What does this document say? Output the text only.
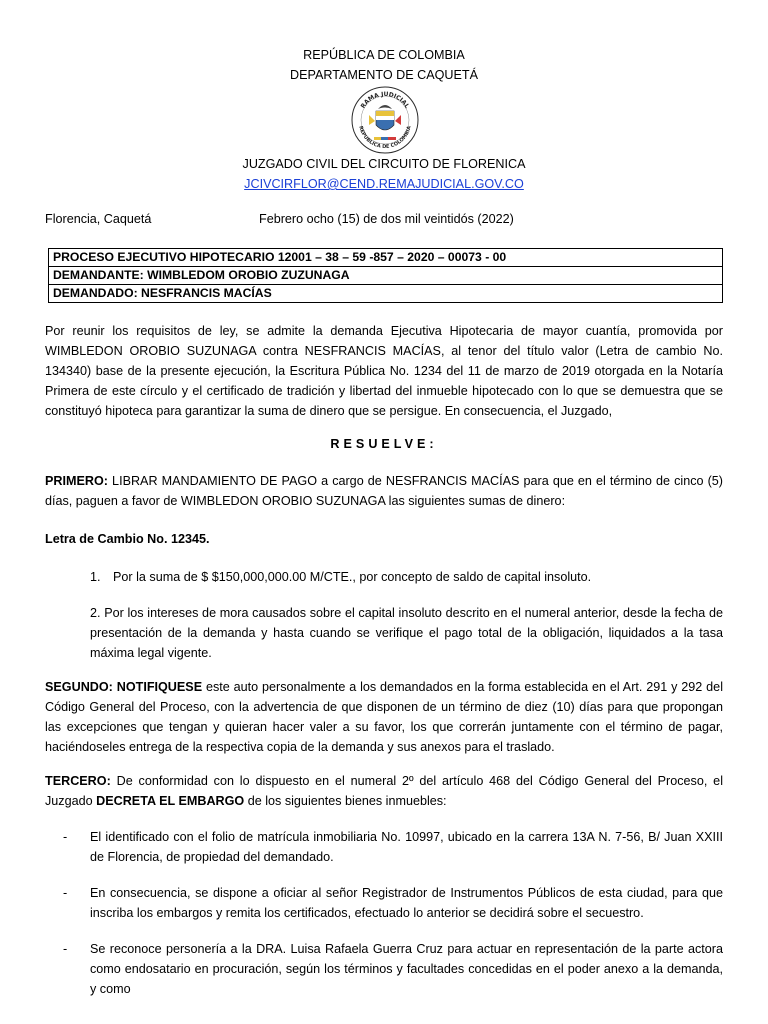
REPÚBLICA DE COLOMBIA
DEPARTAMENTO DE CAQUETÁ
RAMA JUDICIAL
REPUBLICA DE COLOMBIA
JUZGADO CIVIL DEL CIRCUITO DE FLORENICA
JCIVCIRFLOR@CEND.REMAJUDICIAL.GOV.CO
Florencia, Caquetá	Febrero ocho (15) de dos mil veintidós (2022)
PROCESO EJECUTIVO HIPOTECARIO 12001 – 38 – 59 -857 – 2020 – 00073 - 00
DEMANDANTE: WIMBLEDOM OROBIO ZUZUNAGA
DEMANDADO: NESFRANCIS MACÍAS
Por reunir los requisitos de ley, se admite la demanda Ejecutiva Hipotecaria de mayor cuantía, promovida por WIMBLEDON OROBIO SUZUNAGA contra NESFRANCIS MACÍAS, al tenor del título valor (Letra de cambio No. 134340) base de la presente ejecución, la Escritura Pública No. 1234 del 11 de marzo de 2019 otorgada en la Notaría Primera de este círculo y el certificado de tradición y libertad del inmueble hipotecado con lo que se demuestra que se constituyó hipoteca para garantizar la suma de dinero que se persigue. En consecuencia, el Juzgado,
RESUELVE:
PRIMERO: LIBRAR MANDAMIENTO DE PAGO a cargo de NESFRANCIS MACÍAS para que en el término de cinco (5) días, paguen a favor de WIMBLEDON OROBIO SUZUNAGA las siguientes sumas de dinero:
Letra de Cambio No. 12345.
1. Por la suma de $ $150,000,000.00 M/CTE., por concepto de saldo de capital insoluto.
2. Por los intereses de mora causados sobre el capital insoluto descrito en el numeral anterior, desde la fecha de presentación de la demanda y hasta cuando se verifique el pago total de la obligación, liquidados a la tasa máxima legal vigente.
SEGUNDO: NOTIFIQUESE este auto personalmente a los demandados en la forma establecida en el Art. 291 y 292 del Código General del Proceso, con la advertencia de que disponen de un término de diez (10) días para que propongan las excepciones que tengan y quieran hacer valer a su favor, los que correrán juntamente con el término de pagar, haciéndoseles entrega de la respectiva copia de la demanda y sus anexos para el traslado.
TERCERO: De conformidad con lo dispuesto en el numeral 2º del artículo 468 del Código General del Proceso, el Juzgado DECRETA EL EMBARGO de los siguientes bienes inmuebles:
- El identificado con el folio de matrícula inmobiliaria No. 10997, ubicado en la carrera 13A N. 7-56, B/ Juan XXIII de Florencia, de propiedad del demandado.
- En consecuencia, se dispone a oficiar al señor Registrador de Instrumentos Públicos de esta ciudad, para que inscriba los embargos y remita los certificados, efectuado lo anterior se decidirá sobre el secuestro.
- Se reconoce personería a la DRA. Luisa Rafaela Guerra Cruz para actuar en representación de la parte actora como endosatario en procuración, según los términos y facultades concedidas en el poder anexo a la demanda, y como
